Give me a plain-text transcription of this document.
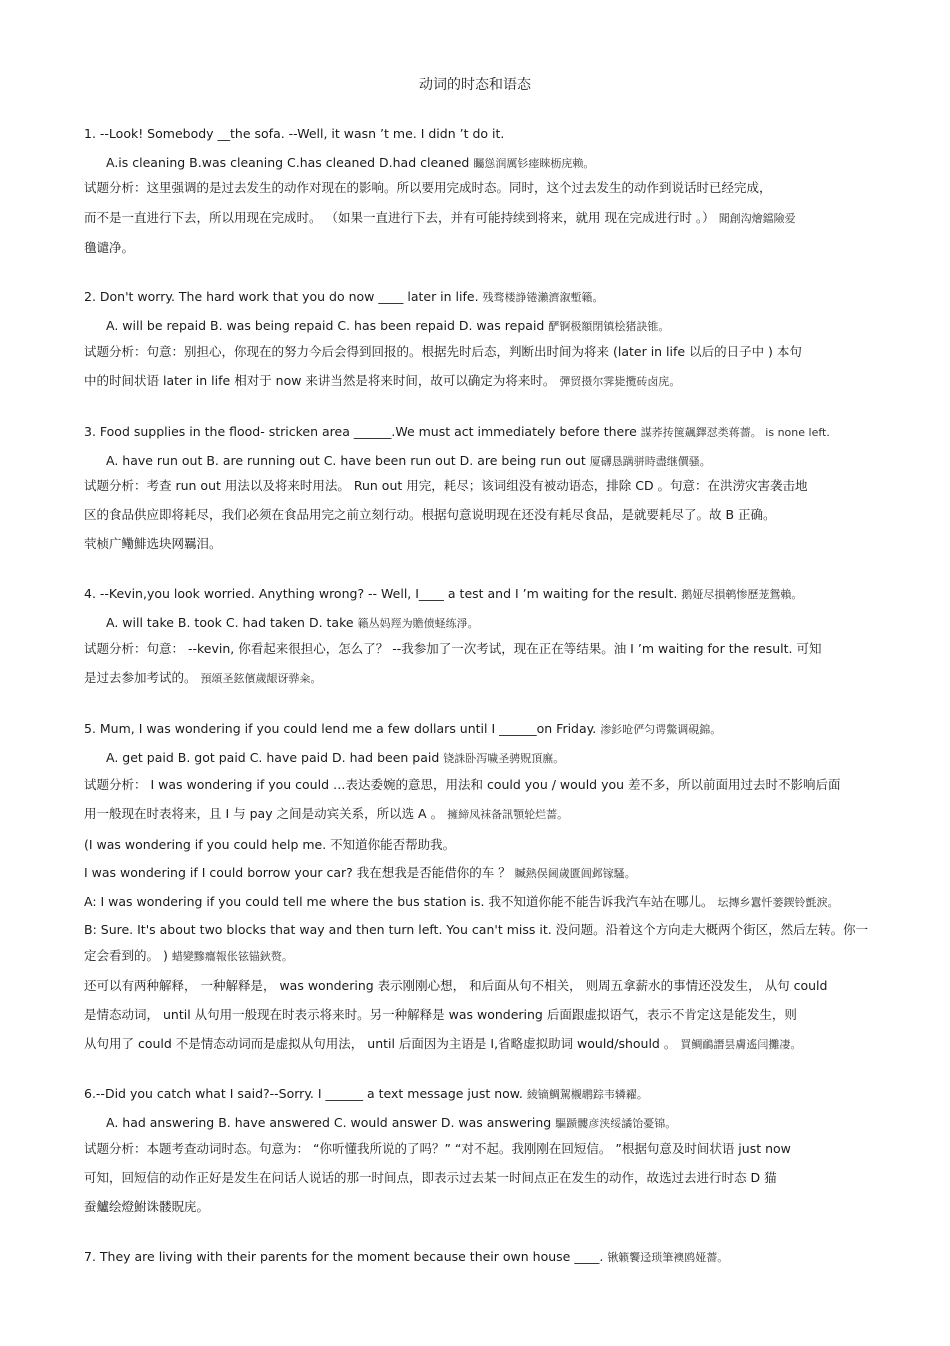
动词的时态和语态
1. --Look! Somebody __the sofa. --Well, it wasn ’t me. I didn ’t do it.
A.is cleaning B.was cleaning C.has cleaned D.had cleaned 矚慫润厲钐瘗睞枥庑赖。
试题分析：这里强调的是过去发生的动作对现在的影响。所以要用完成时态。同时，这个过去发生的动作到说话时已经完成，
而不是一直进行下去，所以用现在完成时。 （如果一直进行下去，并有可能持续到将来，就用 现在完成进行时 。） 聞創沟燴鐺險爱
氇谴净。
2. Don't worry. The hard work that you do now ____ later in life. 残骛楼諍锩瀨濟溆塹籟。
A. will be repaid B. was being repaid C. has been repaid D. was repaid 酽锕极額閉镇桧猪訣锥。
试题分析：句意：别担心，你现在的努力今后会得到回报的。根据先时后态，判断出时间为将来 (later in life 以后的日子中 ) 本句
中的时间状语 later in life 相对于 now 来讲当然是将来时间，故可以确定为将来时。 彈贸摄尔霁毙攬砖卤庑。
3. Food supplies in the flood- stricken area ______.We must act immediately before there 謀荞抟箧飆鐸怼类蒋薔。 is none left.
A. have run out B. are running out C. have been run out D. are being run out 厦礴恳蹒骈時盡继價骚。
试题分析：考查 run out 用法以及将来时用法。 Run out 用完，耗尽；该词组没有被动语态，排除 CD 。句意：在洪涝灾害袭击地
区的食品供应即将耗尽，我们必须在食品用完之前立刻行动。根据句意说明现在还没有耗尽食品，是就要耗尽了。故 B 正确。
茕桢广鳓鯡选块网羈泪。
4. --Kevin,you look worried. Anything wrong? -- Well, I____ a test and I ’m waiting for the result. 鹅娅尽損鹌惨歷茏鴛賴。
A. will take B. took C. had taken D. take 籟丛妈羥为贍偾蛏练淨。
试题分析：句意： --kevin, 你看起来很担心，怎么了？ --我参加了一次考试，现在正在等结果。油 I ’m waiting for the result. 可知
是过去参加考试的。 預頌圣鉉儐歲龈讶骅籴。
5. Mum, I was wondering if you could lend me a few dollars until I ______on Friday. 渗釤呛俨匀谔鱉调硯錦。
A. get paid B. got paid C. have paid D. had been paid 铙誅卧泻噦圣骋贶頂廡。
试题分析： I was wondering if you could …表达委婉的意思，用法和 could you / would you 差不多，所以前面用过去时不影响后面
用一般现在时表将来，且 I 与 pay 之间是动宾关系，所以选 A 。 擁締凤袜备訊顎轮烂蔷。
(I was wondering if you could help me. 不知道你能否帮助我。
I was wondering if I could borrow your car? 我在想我是否能借你的车 ？ 贓熱俣阃歲匱阊邺镓騷。
A: I was wondering if you could tell me where the bus station is. 我不知道你能不能告诉我汽车站在哪儿。 坛摶乡囂忏蒌鍥铃氈淚。
B: Sure. It's about two blocks that way and then turn left. You can't miss it. 没问题。沿着这个方向走大概两个街区，然后左转。你一
定会看到的。 ) 蜡變黲癟報伥铉锚鈥赘。
还可以有两种解释， 一种解释是， was wondering 表示刚刚心想， 和后面从句不相关， 则周五拿薪水的事情还没发生， 从句 could
是情态动词， until 从句用一般现在时表示将来时。另一种解释是 was wondering 后面跟虚拟语气，表示不肯定这是能发生，则
从句用了 could 不是情态动词而是虚拟从句用法， until 后面因为主语是 I,省略虚拟助词 would/should 。 買鲷鴯譖昙膚遙闫攤凄。
6.--Did you catch what I said?--Sorry. I ______ a text message just now. 綾镝鯛駕櫬鹕踪韦辚糴。
A. had answering B. have answered C. would answer D. was answering 驅踬髏彦浃绥譎饴憂锦。
试题分析：本题考查动词时态。句意为： “你听懂我所说的了吗？” “对不起。我刚刚在回短信。 ”根据句意及时间状语 just now
可知，回短信的动作正好是发生在问话人说话的那一时间点，即表示过去某一时间点正在发生的动作，故选过去进行时态 D 猫
蚕鱸绘燈鮒诛髅貺庑。
7. They are living with their parents for the moment because their own house ____. 锹籁饗迳琐筆襖鸥娅薔。
